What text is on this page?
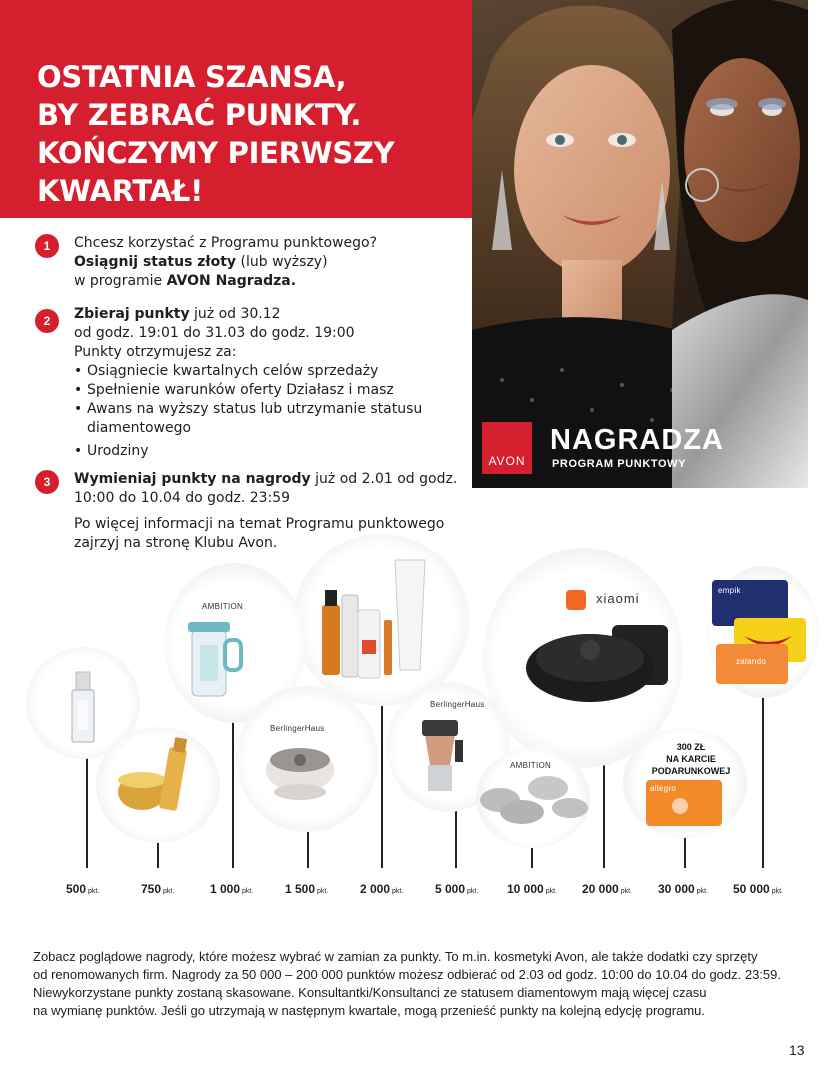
OSTATNIA SZANSA,
BY ZEBRAĆ PUNKTY.
KOŃCZYMY PIERWSZY
KWARTAŁ!
AVON
NAGRADZA
PROGRAM PUNKTOWY
1	Chcesz korzystać z Programu punktowego?
Osiągnij status złoty (lub wyższy)
w programie AVON Nagradza.
2	Zbieraj punkty już od 30.12
od godz. 19:01 do 31.03 do godz. 19:00
Punkty otrzymujesz za:
• Osiągniecie kwartalnych celów sprzedaży
• Spełnienie warunków oferty Działasz i masz
• Awans na wyższy status lub utrzymanie statusu
diamentowego
• Urodziny
3	Wymieniaj punkty na nagrody już od 2.01 od godz.
10:00 do 10.04 do godz. 23:59
Po więcej informacji na temat Programu punktowego
zajrzyj na stronę Klubu Avon.
AMBITION
BerlingerHaus
BerlingerHaus
AMBITION
xiaomi
empik
zalando
allegro
300 ZŁ
NA KARCIE
PODARUNKOWEJ
500 pkt.	750 pkt.	1 000 pkt.	1 500 pkt.	2 000 pkt.	5 000 pkt. 10 000 pkt. 20 000 pkt. 30 000 pkt. 50 000 pkt.
Zobacz poglądowe nagrody, które możesz wybrać w zamian za punkty. To m.in. kosmetyki Avon, ale także dodatki czy sprzęty
od renomowanych firm. Nagrody za 50 000 – 200 000 punktów możesz odbierać od 2.03 od godz. 10:00 do 10.04 do godz. 23:59.
Niewykorzystane punkty zostaną skasowane. Konsultantki/Konsultanci ze statusem diamentowym mają więcej czasu
na wymianę punktów. Jeśli go utrzymają w następnym kwartale, mogą przenieść punkty na kolejną edycję programu.
13
